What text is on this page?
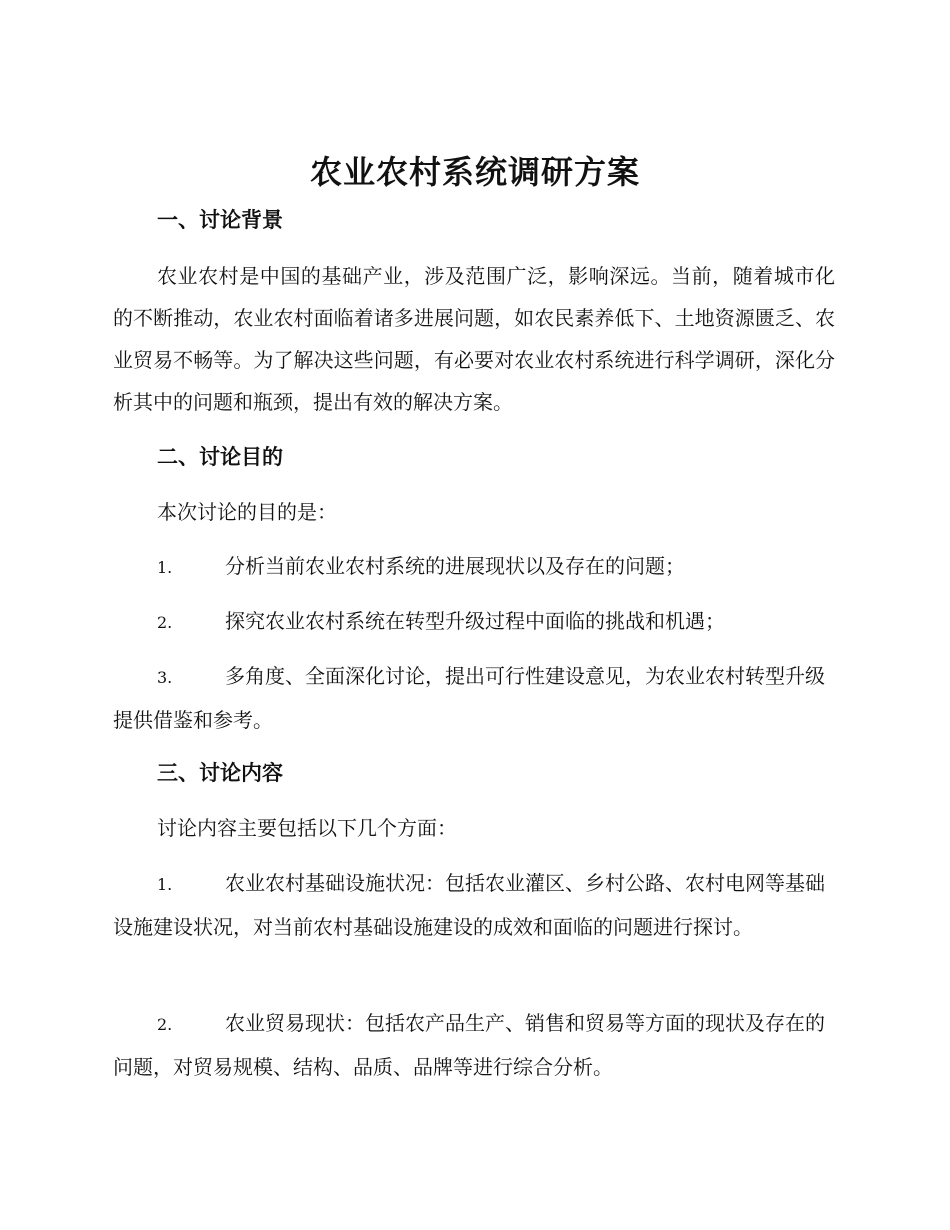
农业农村系统调研方案
一、讨论背景

农业农村是中国的基础产业，涉及范围广泛，影响深远。当前，随着城市化的不断推动，农业农村面临着诸多进展问题，如农民素养低下、土地资源匮乏、农业贸易不畅等。为了解决这些问题，有必要对农业农村系统进行科学调研，深化分析其中的问题和瓶颈，提出有效的解决方案。

二、讨论目的
本次讨论的目的是：

1.	分析当前农业农村系统的进展现状以及存在的问题；

2.	探究农业农村系统在转型升级过程中面临的挑战和机遇；

3.	多角度、全面深化讨论，提出可行性建设意见，为农业农村转型升级提供借鉴和参考。

三、讨论内容
讨论内容主要包括以下几个方面：

1.	农业农村基础设施状况：包括农业灌区、乡村公路、农村电网等基础设施建设状况，对当前农村基础设施建设的成效和面临的问题进行探讨。

2.	农业贸易现状：包括农产品生产、销售和贸易等方面的现状及存在的问题，对贸易规模、结构、品质、品牌等进行综合分析。
